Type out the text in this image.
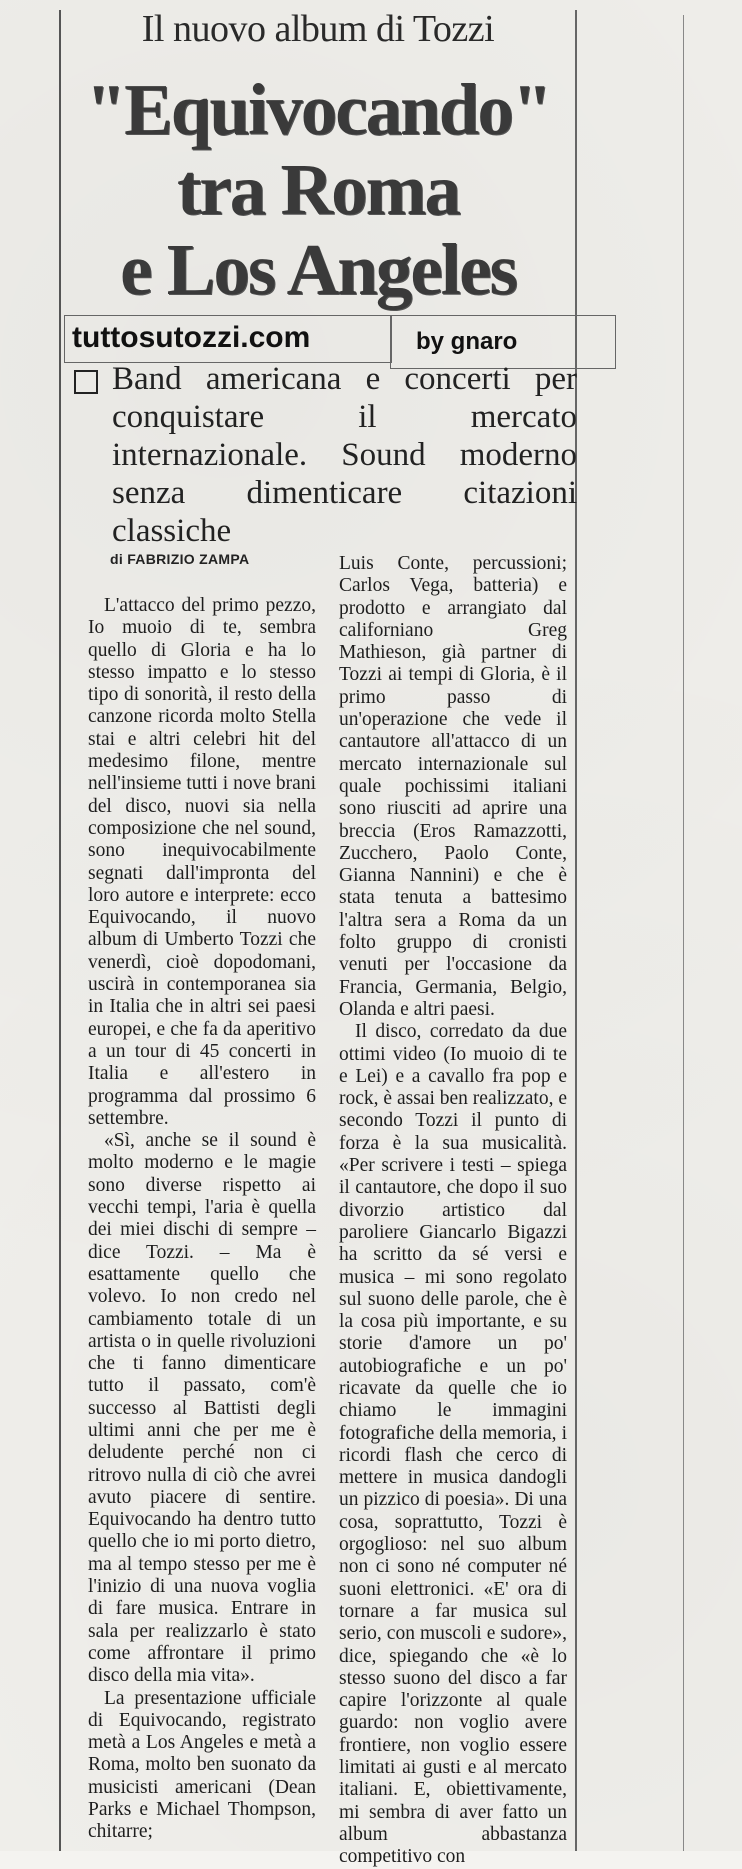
Il nuovo album di Tozzi
"Equivocando"
tra Roma
e Los Angeles
tuttosutozzi.com	by gnaro
Band americana e concerti per conquistare il mercato internazionale. Sound moderno senza dimenticare citazioni classiche
di FABRIZIO ZAMPA

L'attacco del primo pezzo, Io muoio di te, sembra quello di Gloria e ha lo stesso impatto e lo stesso tipo di sonorità, il resto della canzone ricorda molto Stella stai e altri celebri hit del medesimo filone, mentre nell'insieme tutti i nove brani del disco, nuovi sia nella composizione che nel sound, sono inequivocabilmente segnati dall'impronta del loro autore e interprete: ecco Equivocando, il nuovo album di Umberto Tozzi che venerdì, cioè dopodomani, uscirà in contemporanea sia in Italia che in altri sei paesi europei, e che fa da aperitivo a un tour di 45 concerti in Italia e all'estero in programma dal prossimo 6 settembre.

«Sì, anche se il sound è molto moderno e le magie sono diverse rispetto ai vecchi tempi, l'aria è quella dei miei dischi di sempre – dice Tozzi. – Ma è esattamente quello che volevo. Io non credo nel cambiamento totale di un artista o in quelle rivoluzioni che ti fanno dimenticare tutto il passato, com'è successo al Battisti degli ultimi anni che per me è deludente perché non ci ritrovo nulla di ciò che avrei avuto piacere di sentire. Equivocando ha dentro tutto quello che io mi porto dietro, ma al tempo stesso per me è l'inizio di una nuova voglia di fare musica. Entrare in sala per realizzarlo è stato come affrontare il primo disco della mia vita».

La presentazione ufficiale di Equivocando, registrato metà a Los Angeles e metà a Roma, molto ben suonato da musicisti americani (Dean Parks e Michael Thompson, chitarre;

Luis Conte, percussioni; Carlos Vega, batteria) e prodotto e arrangiato dal californiano Greg Mathieson, già partner di Tozzi ai tempi di Gloria, è il primo passo di un'operazione che vede il cantautore all'attacco di un mercato internazionale sul quale pochissimi italiani sono riusciti ad aprire una breccia (Eros Ramazzotti, Zucchero, Paolo Conte, Gianna Nannini) e che è stata tenuta a battesimo l'altra sera a Roma da un folto gruppo di cronisti venuti per l'occasione da Francia, Germania, Belgio, Olanda e altri paesi.

Il disco, corredato da due ottimi video (Io muoio di te e Lei) e a cavallo fra pop e rock, è assai ben realizzato, e secondo Tozzi il punto di forza è la sua musicalità. «Per scrivere i testi – spiega il cantautore, che dopo il suo divorzio artistico dal paroliere Giancarlo Bigazzi ha scritto da sé versi e musica – mi sono regolato sul suono delle parole, che è la cosa più importante, e su storie d'amore un po' autobiografiche e un po' ricavate da quelle che io chiamo le immagini fotografiche della memoria, i ricordi flash che cerco di mettere in musica dandogli un pizzico di poesia». Di una cosa, soprattutto, Tozzi è orgoglioso: nel suo album non ci sono né computer né suoni elettronici. «E' ora di tornare a far musica sul serio, con muscoli e sudore», dice, spiegando che «è lo stesso suono del disco a far capire l'orizzonte al quale guardo: non voglio avere frontiere, non voglio essere limitati ai gusti e al mercato italiani. E, obiettivamente, mi sembra di aver fatto un album abbastanza competitivo con
